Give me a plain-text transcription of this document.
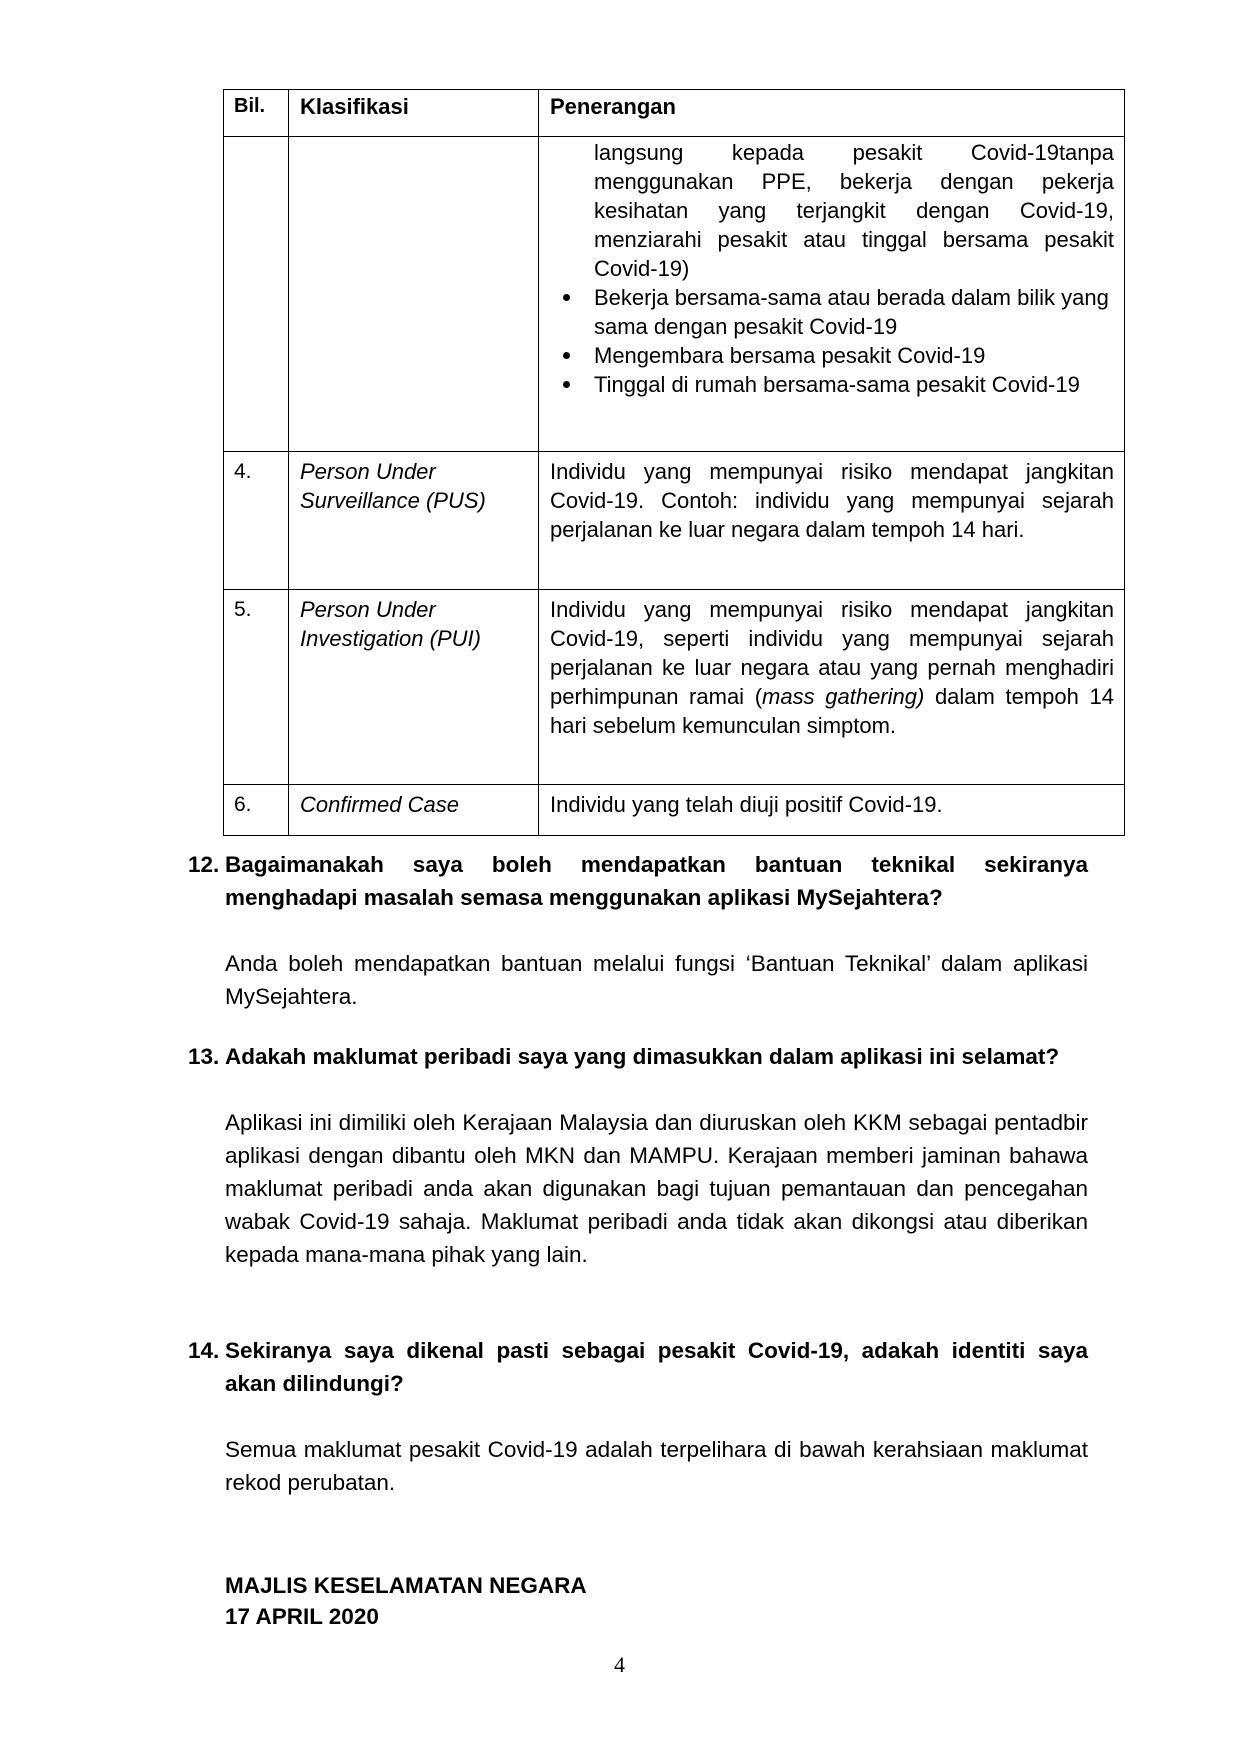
Bil.	Klasifikasi	Penerangan

langsung kepada pesakit Covid-19tanpa menggunakan PPE, bekerja dengan pekerja kesihatan yang terjangkit dengan Covid-19, menziarahi pesakit atau tinggal bersama pesakit Covid-19)
Bekerja bersama-sama atau berada dalam bilik yang sama dengan pesakit Covid-19
Mengembara bersama pesakit Covid-19
Tinggal di rumah bersama-sama pesakit Covid-19

4.	Person Under Surveillance (PUS)	Individu yang mempunyai risiko mendapat jangkitan Covid-19. Contoh: individu yang mempunyai sejarah perjalanan ke luar negara dalam tempoh 14 hari.
5.	Person Under Investigation (PUI)	Individu yang mempunyai risiko mendapat jangkitan Covid-19, seperti individu yang mempunyai sejarah perjalanan ke luar negara atau yang pernah menghadiri perhimpunan ramai (mass gathering) dalam tempoh 14 hari sebelum kemunculan simptom.
6.	Confirmed Case	Individu yang telah diuji positif Covid-19.
12. Bagaimanakah saya boleh mendapatkan bantuan teknikal sekiranya menghadapi masalah semasa menggunakan aplikasi MySejahtera?
Anda boleh mendapatkan bantuan melalui fungsi ‘Bantuan Teknikal’ dalam aplikasi MySejahtera.
13. Adakah maklumat peribadi saya yang dimasukkan dalam aplikasi ini selamat?
Aplikasi ini dimiliki oleh Kerajaan Malaysia dan diuruskan oleh KKM sebagai pentadbir aplikasi dengan dibantu oleh MKN dan MAMPU. Kerajaan memberi jaminan bahawa maklumat peribadi anda akan digunakan bagi tujuan pemantauan dan pencegahan wabak Covid-19 sahaja. Maklumat peribadi anda tidak akan dikongsi atau diberikan kepada mana-mana pihak yang lain.
14. Sekiranya saya dikenal pasti sebagai pesakit Covid-19, adakah identiti saya akan dilindungi?
Semua maklumat pesakit Covid-19 adalah terpelihara di bawah kerahsiaan maklumat rekod perubatan.
MAJLIS KESELAMATAN NEGARA
17 APRIL 2020
4
